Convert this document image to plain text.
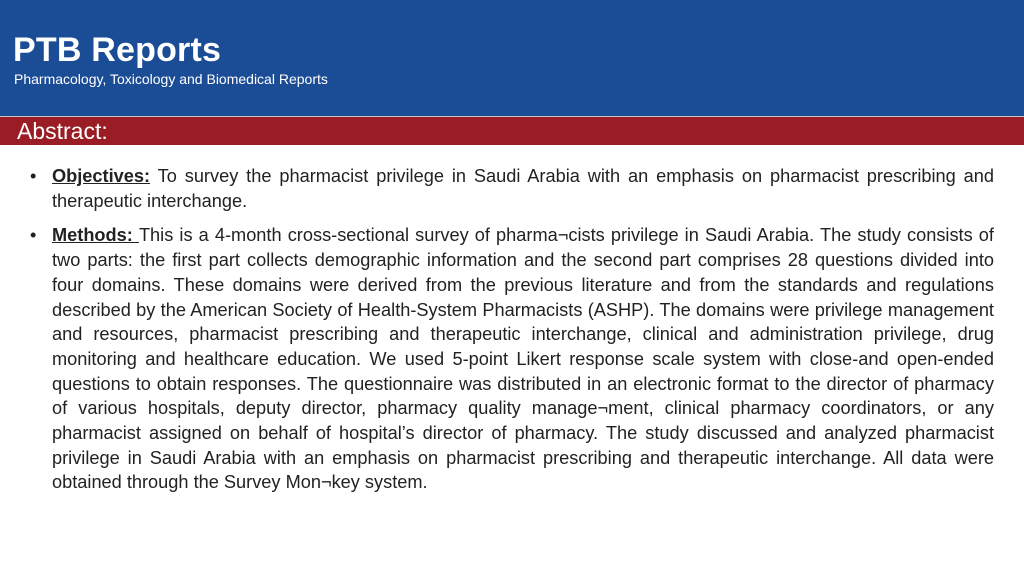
PTB Reports
Pharmacology, Toxicology and Biomedical Reports
Abstract:
• Objectives: To survey the pharmacist privilege in Saudi Arabia with an emphasis on pharmacist prescribing and therapeutic interchange.
• Methods: This is a 4-month cross-sectional survey of pharma¬cists privilege in Saudi Arabia. The study consists of two parts: the first part collects demographic information and the second part comprises 28 questions divided into four domains. These domains were derived from the previous literature and from the standards and regulations described by the American Society of Health-System Pharmacists (ASHP). The domains were privilege management and resources, pharmacist prescribing and therapeutic interchange, clinical and administration privilege, drug monitoring and healthcare education. We used 5-point Likert response scale system with close-and open-ended questions to obtain responses. The questionnaire was distributed in an electronic format to the director of pharmacy of various hospitals, deputy director, pharmacy quality manage¬ment, clinical pharmacy coordinators, or any pharmacist assigned on behalf of hospital’s director of pharmacy. The study discussed and analyzed pharmacist privilege in Saudi Arabia with an emphasis on pharmacist prescribing and therapeutic interchange. All data were obtained through the Survey Mon¬key system.
